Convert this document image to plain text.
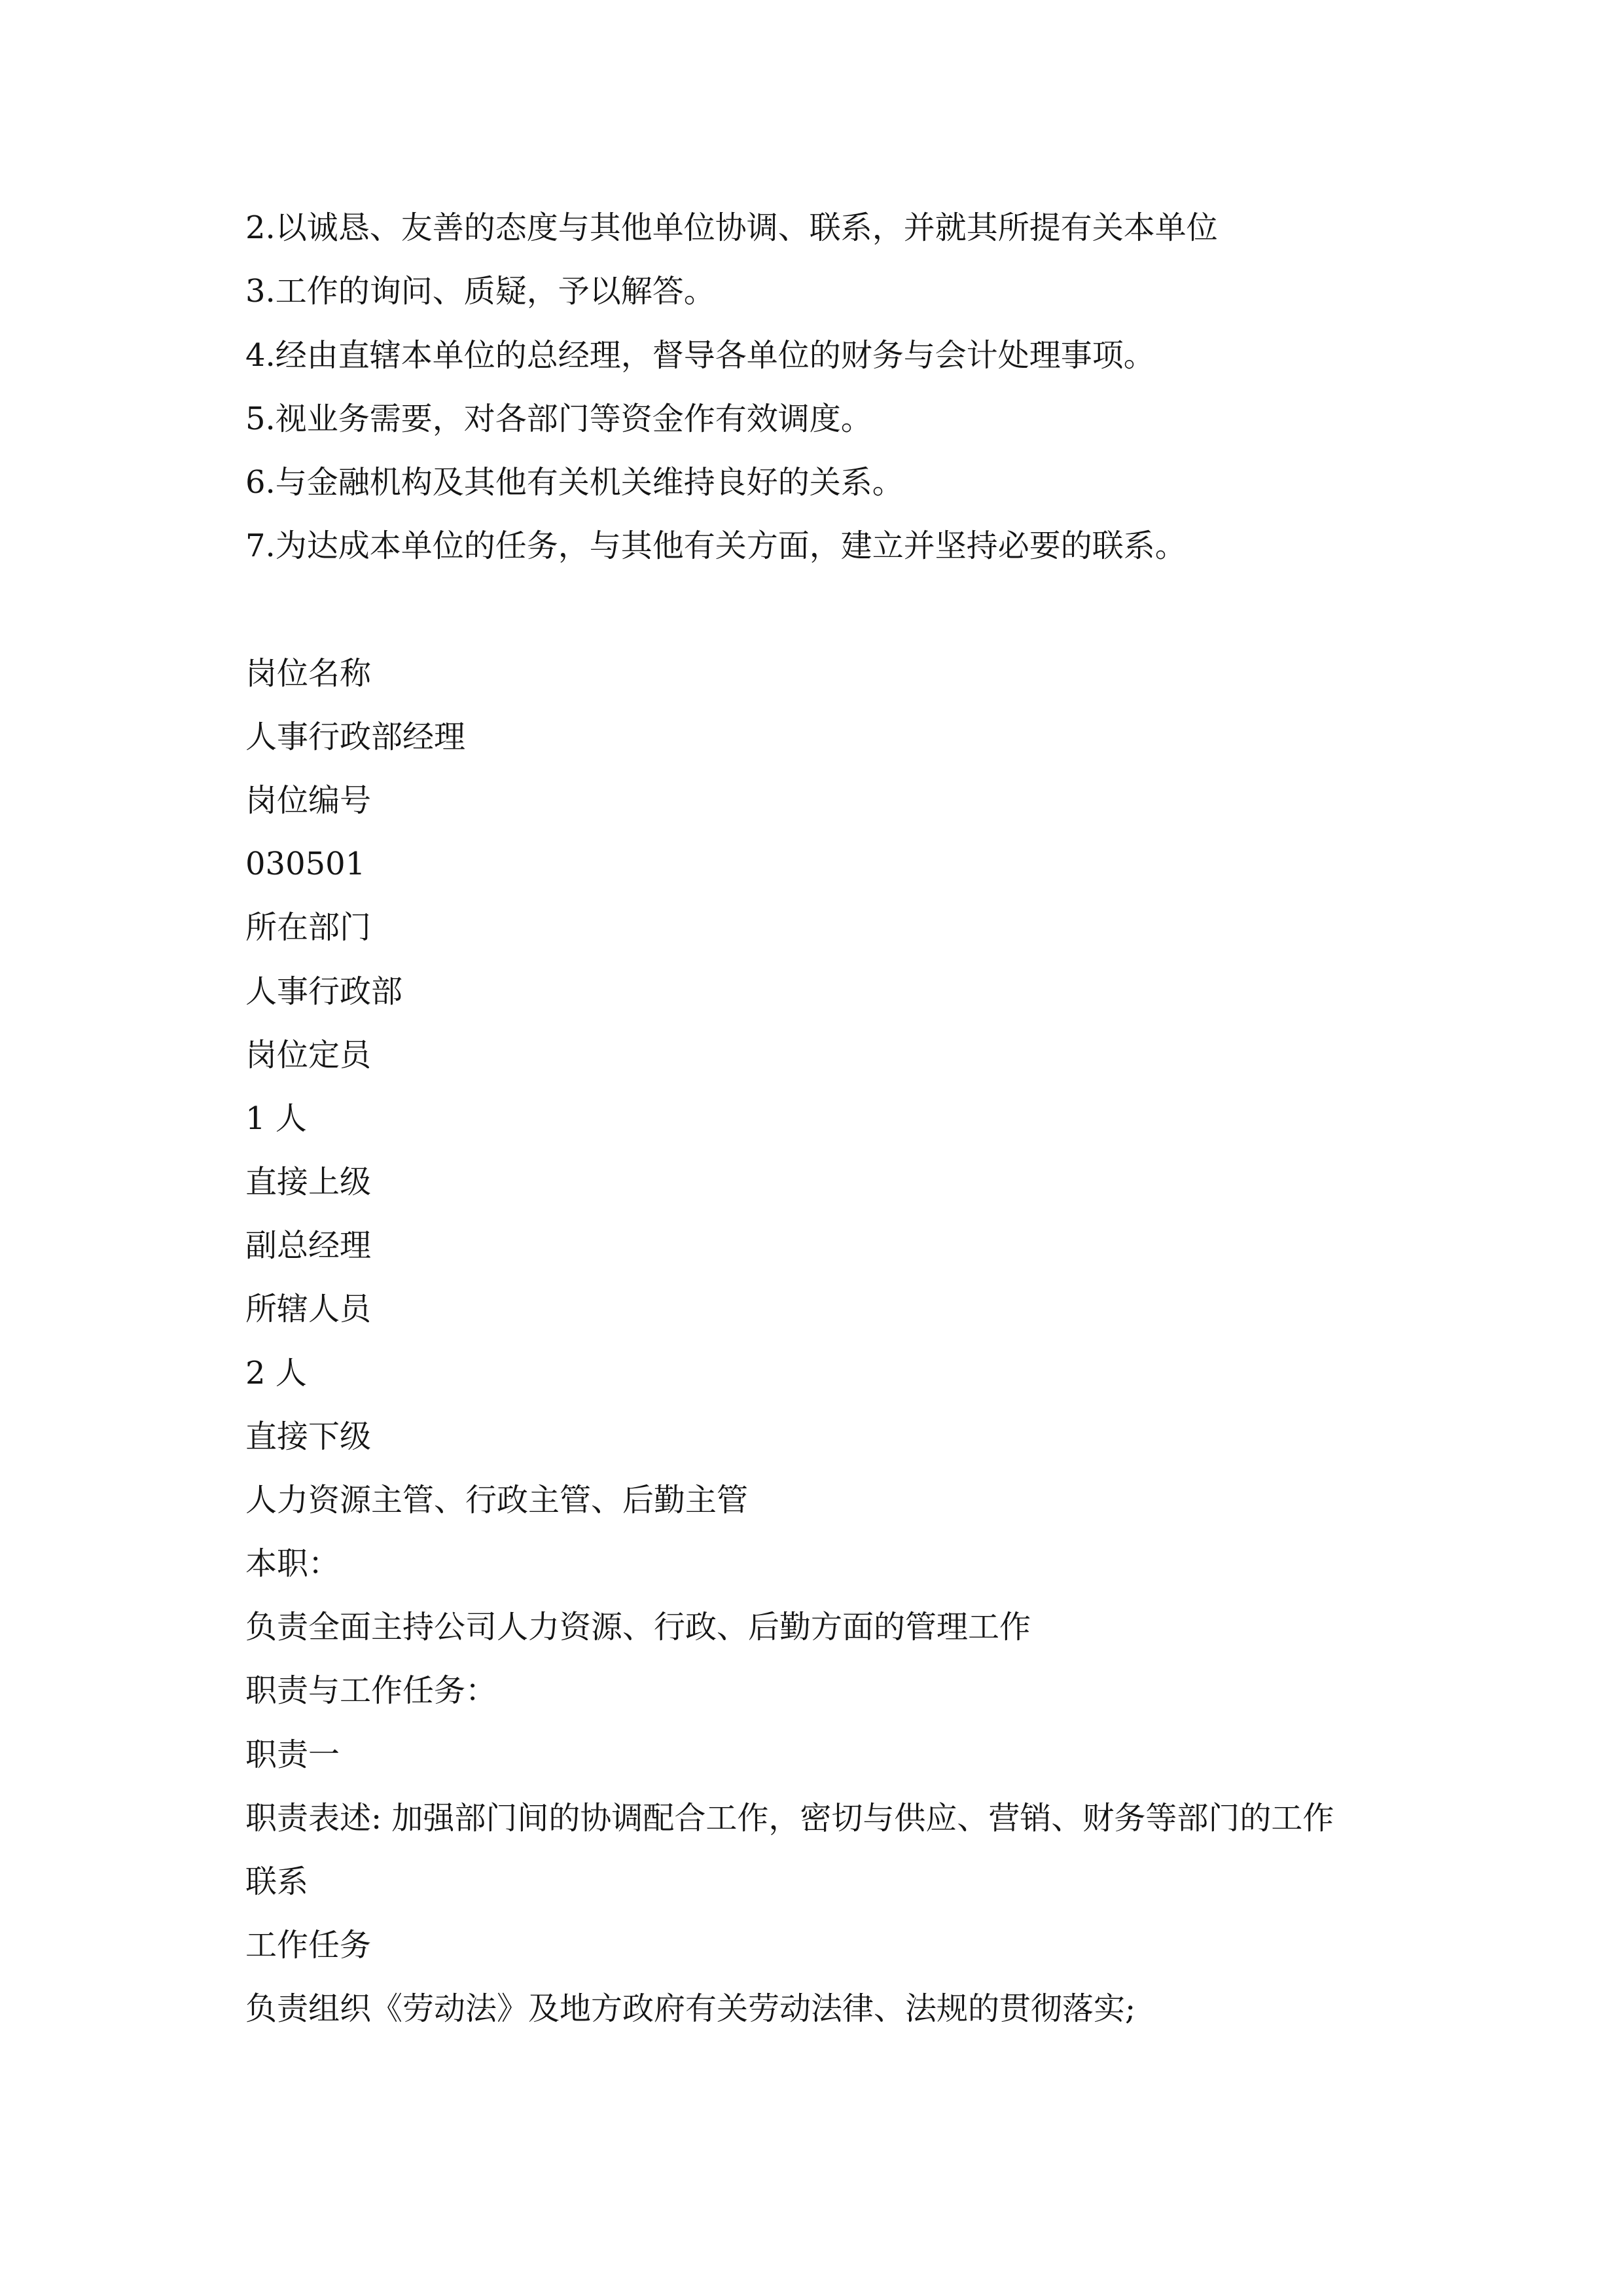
2.以诚恳、友善的态度与其他单位协调、联系，并就其所提有关本单位
3.工作的询问、质疑，予以解答。
4.经由直辖本单位的总经理，督导各单位的财务与会计处理事项。
5.视业务需要，对各部门等资金作有效调度。
6.与金融机构及其他有关机关维持良好的关系。
7.为达成本单位的任务，与其他有关方面，建立并坚持必要的联系。
岗位名称
人事行政部经理
岗位编号
030501
所在部门
人事行政部
岗位定员
1 人
直接上级
副总经理
所辖人员
2 人
直接下级
人力资源主管、行政主管、后勤主管
本职：
负责全面主持公司人力资源、行政、后勤方面的管理工作
职责与工作任务：
职责一
职责表述: 加强部门间的协调配合工作，密切与供应、营销、财务等部门的工作
联系
工作任务
负责组织《劳动法》及地方政府有关劳动法律、法规的贯彻落实;
